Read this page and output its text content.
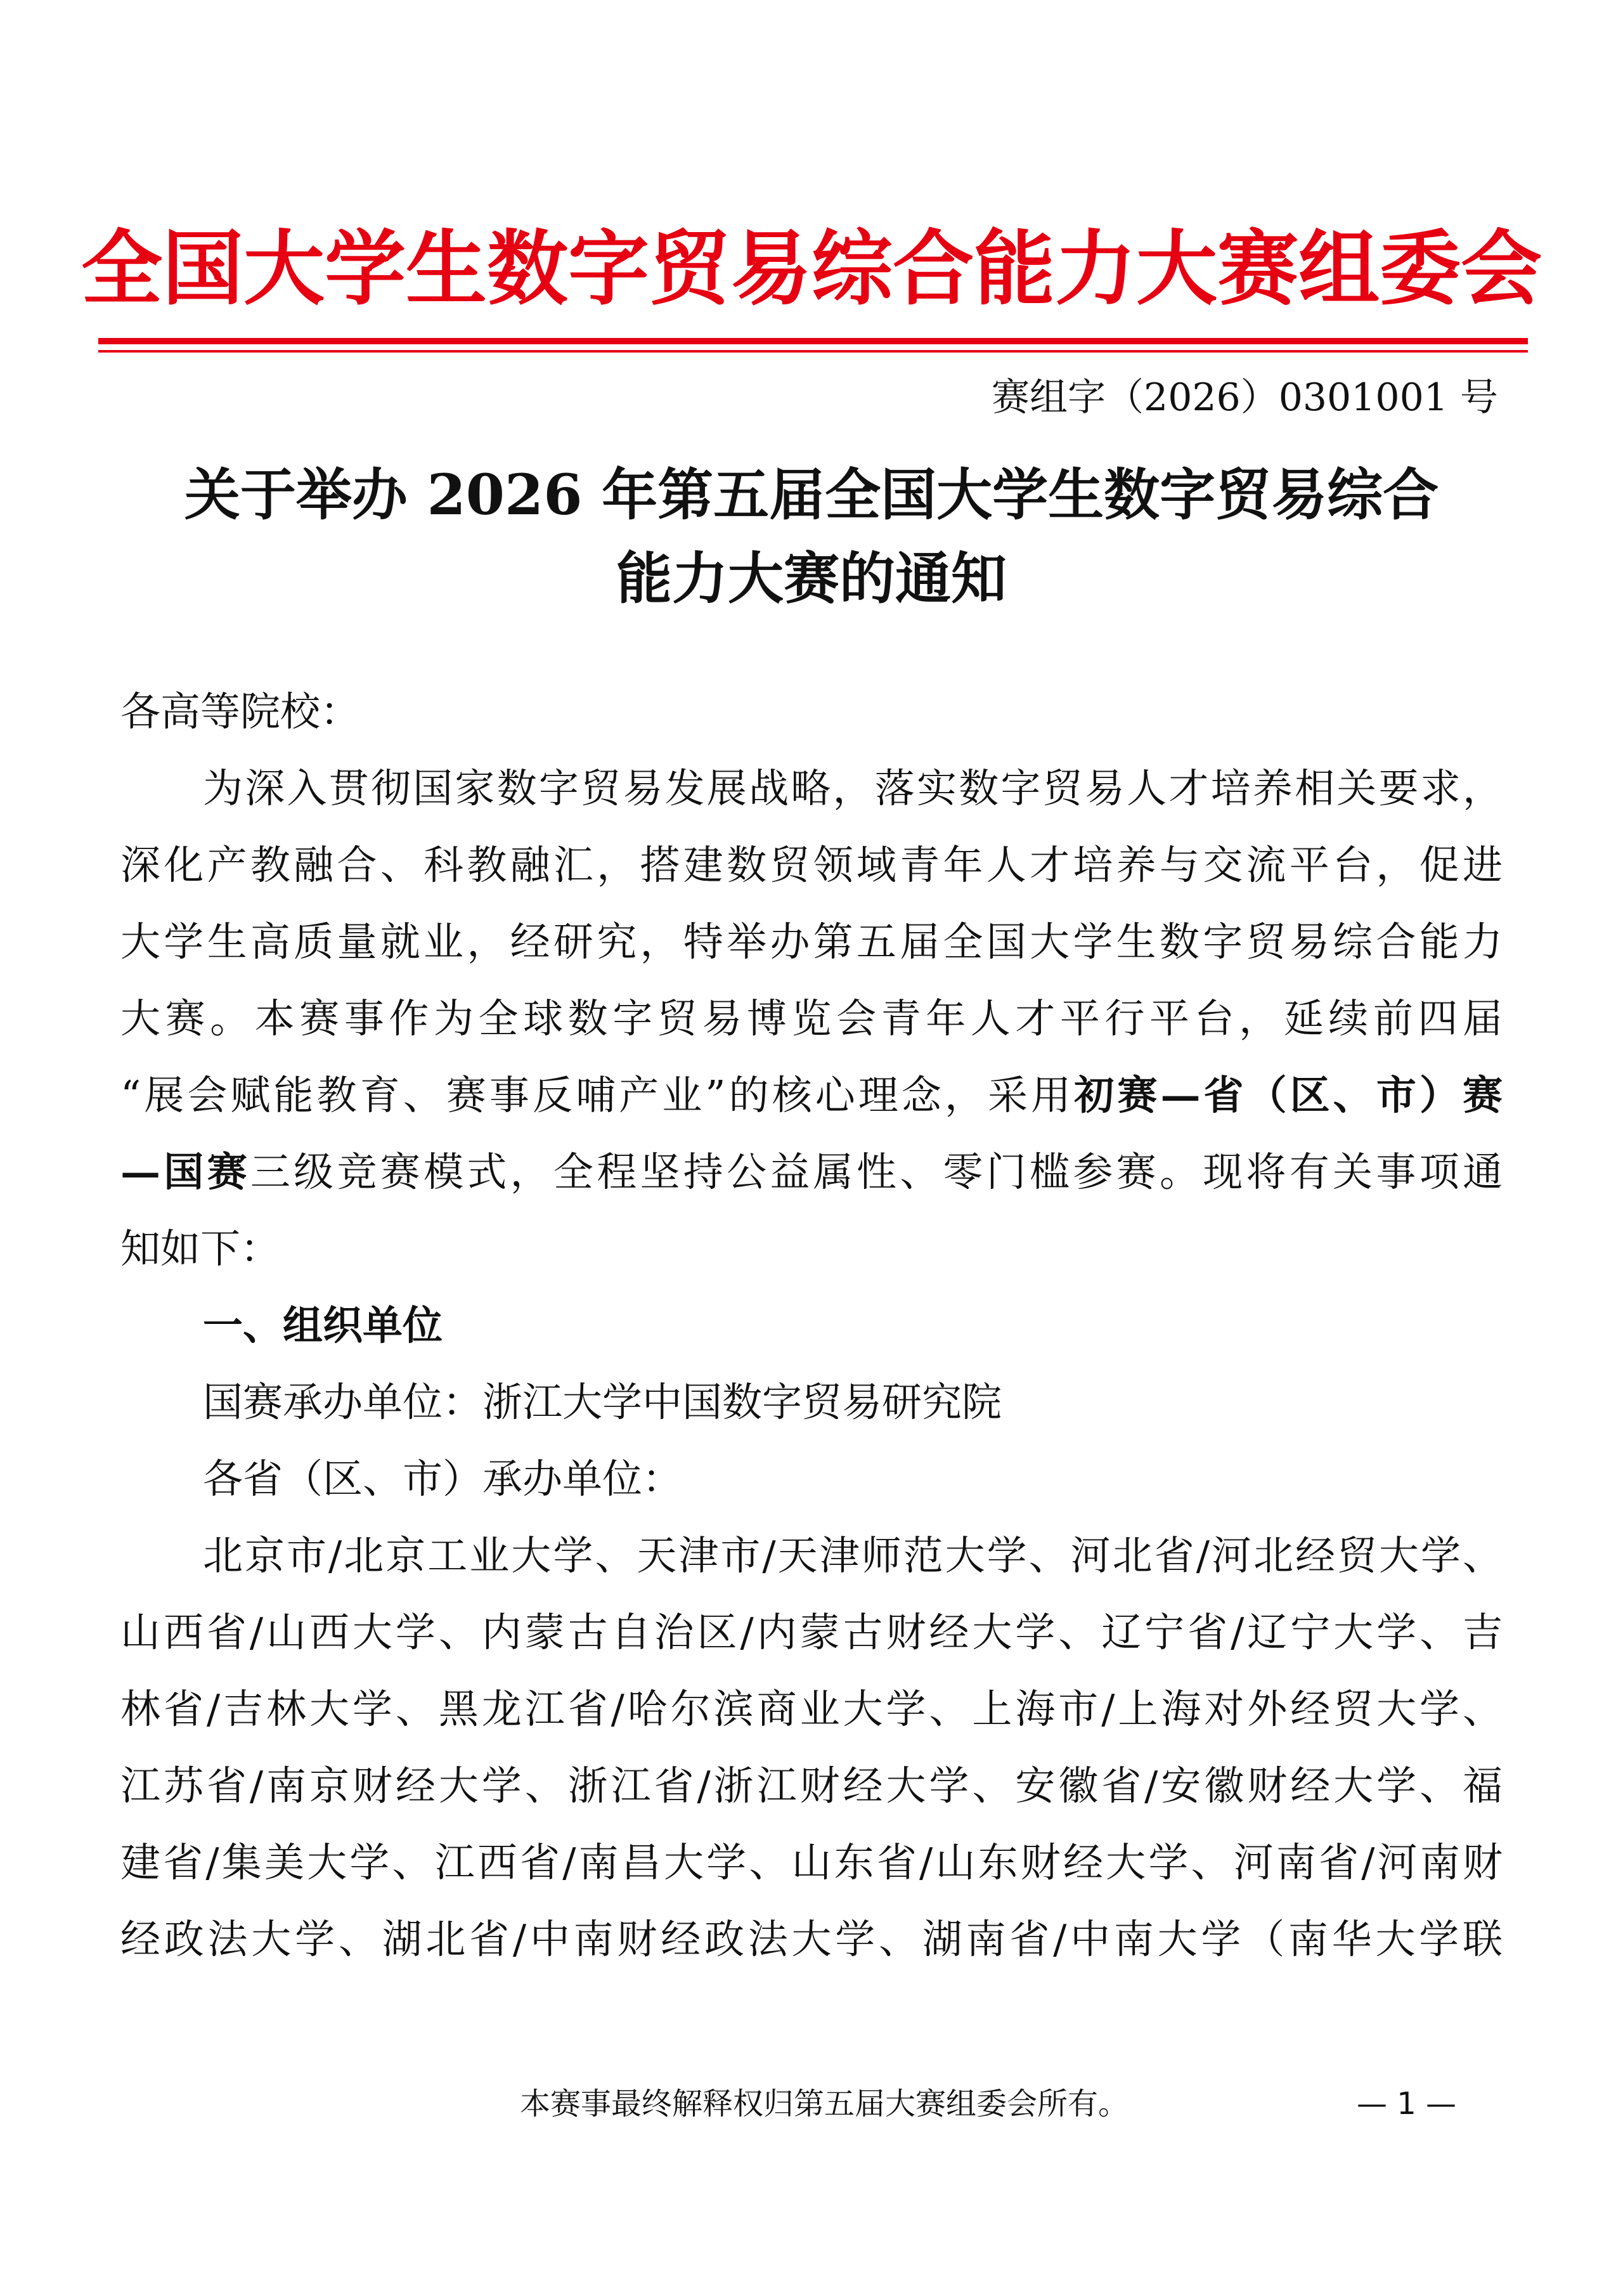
全国大学生数字贸易综合能力大赛组委会
赛组字（2026）0301001 号
关于举办 2026 年第五届全国大学生数字贸易综合
能力大赛的通知
各高等院校：
为深入贯彻国家数字贸易发展战略，落实数字贸易人才培养相关要求，
深化产教融合、科教融汇，搭建数贸领域青年人才培养与交流平台，促进
大学生高质量就业，经研究，特举办第五届全国大学生数字贸易综合能力
大赛。本赛事作为全球数字贸易博览会青年人才平行平台，延续前四届
“展会赋能教育、赛事反哺产业”的核心理念，采用初赛—省（区、市）赛
—国赛三级竞赛模式，全程坚持公益属性、零门槛参赛。现将有关事项通
知如下：
一、组织单位
国赛承办单位：浙江大学中国数字贸易研究院
各省（区、市）承办单位：
北京市/北京工业大学、天津市/天津师范大学、河北省/河北经贸大学、
山西省/山西大学、内蒙古自治区/内蒙古财经大学、辽宁省/辽宁大学、吉
林省/吉林大学、黑龙江省/哈尔滨商业大学、上海市/上海对外经贸大学、
江苏省/南京财经大学、浙江省/浙江财经大学、安徽省/安徽财经大学、福
建省/集美大学、江西省/南昌大学、山东省/山东财经大学、河南省/河南财
经政法大学、湖北省/中南财经政法大学、湖南省/中南大学（南华大学联
本赛事最终解释权归第五届大赛组委会所有。	— 1 —
